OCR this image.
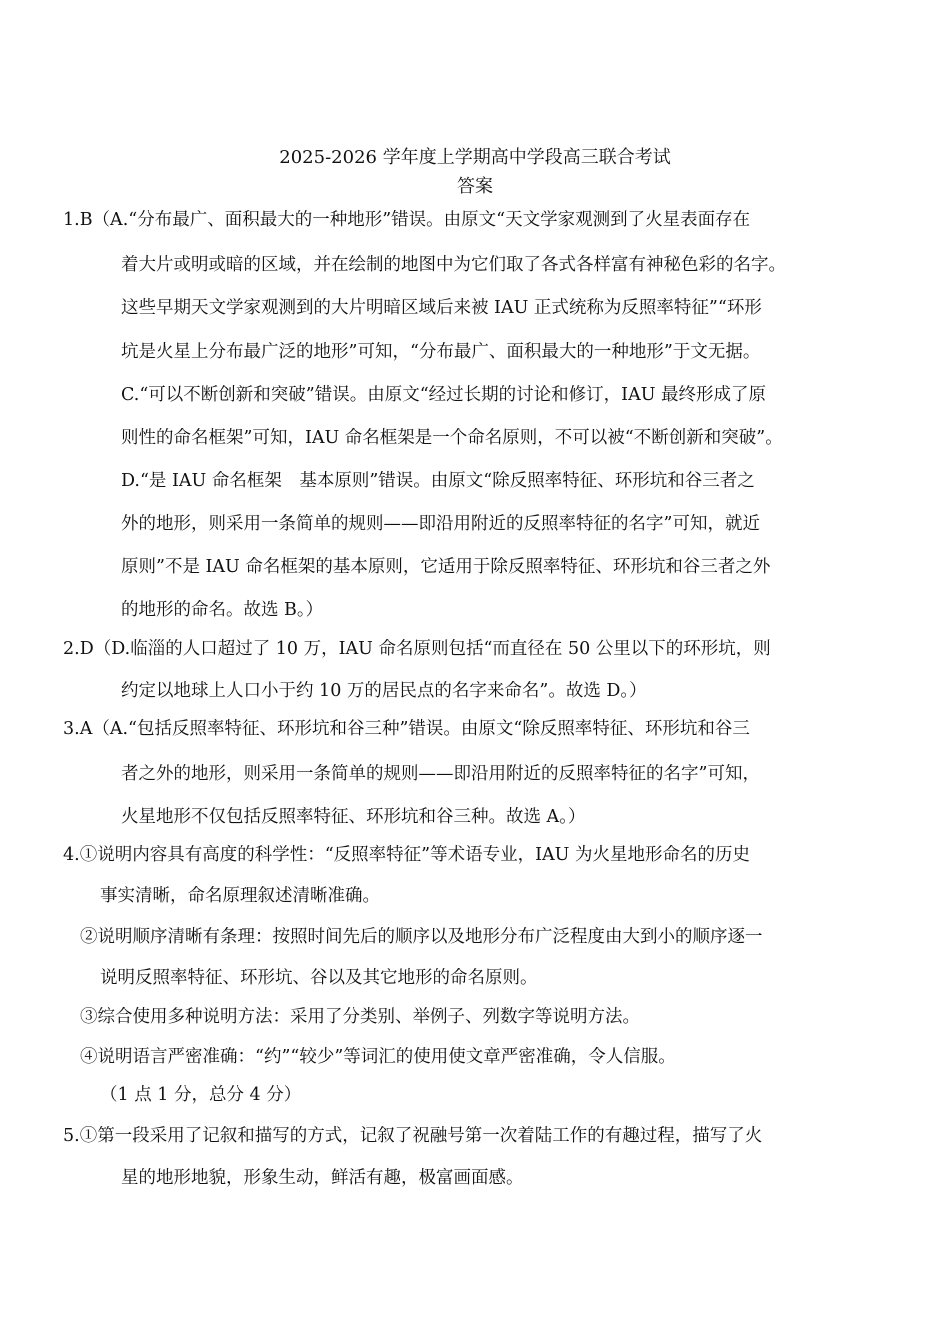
2025-2026 学年度上学期高中学段高三联合考试
答案
1.B（A.“分布最广、面积最大的一种地形”错误。由原文“天文学家观测到了火星表面存在
着大片或明或暗的区域，并在绘制的地图中为它们取了各式各样富有神秘色彩的名字。
这些早期天文学家观测到的大片明暗区域后来被 IAU 正式统称为反照率特征”“环形
坑是火星上分布最广泛的地形”可知，“分布最广、面积最大的一种地形”于文无据。
C.“可以不断创新和突破”错误。由原文“经过长期的讨论和修订，IAU 最终形成了原
则性的命名框架”可知，IAU 命名框架是一个命名原则，不可以被“不断创新和突破”。
D.“是 IAU 命名框架　基本原则”错误。由原文“除反照率特征、环形坑和谷三者之
外的地形，则采用一条简单的规则——即沿用附近的反照率特征的名字”可知，就近
原则”不是 IAU 命名框架的基本原则，它适用于除反照率特征、环形坑和谷三者之外
的地形的命名。故选 B。）
2.D（D.临淄的人口超过了 10 万，IAU 命名原则包括“而直径在 50 公里以下的环形坑，则
约定以地球上人口小于约 10 万的居民点的名字来命名”。故选 D。）
3.A（A.“包括反照率特征、环形坑和谷三种”错误。由原文“除反照率特征、环形坑和谷三
者之外的地形，则采用一条简单的规则——即沿用附近的反照率特征的名字”可知，
火星地形不仅包括反照率特征、环形坑和谷三种。故选 A。）
4.①说明内容具有高度的科学性：“反照率特征”等术语专业，IAU 为火星地形命名的历史
事实清晰，命名原理叙述清晰准确。
②说明顺序清晰有条理：按照时间先后的顺序以及地形分布广泛程度由大到小的顺序逐一
说明反照率特征、环形坑、谷以及其它地形的命名原则。
③综合使用多种说明方法：采用了分类别、举例子、列数字等说明方法。
④说明语言严密准确：“约”“较少”等词汇的使用使文章严密准确，令人信服。
（1 点 1 分，总分 4 分）
5.①第一段采用了记叙和描写的方式，记叙了祝融号第一次着陆工作的有趣过程，描写了火
星的地形地貌，形象生动，鲜活有趣，极富画面感。
